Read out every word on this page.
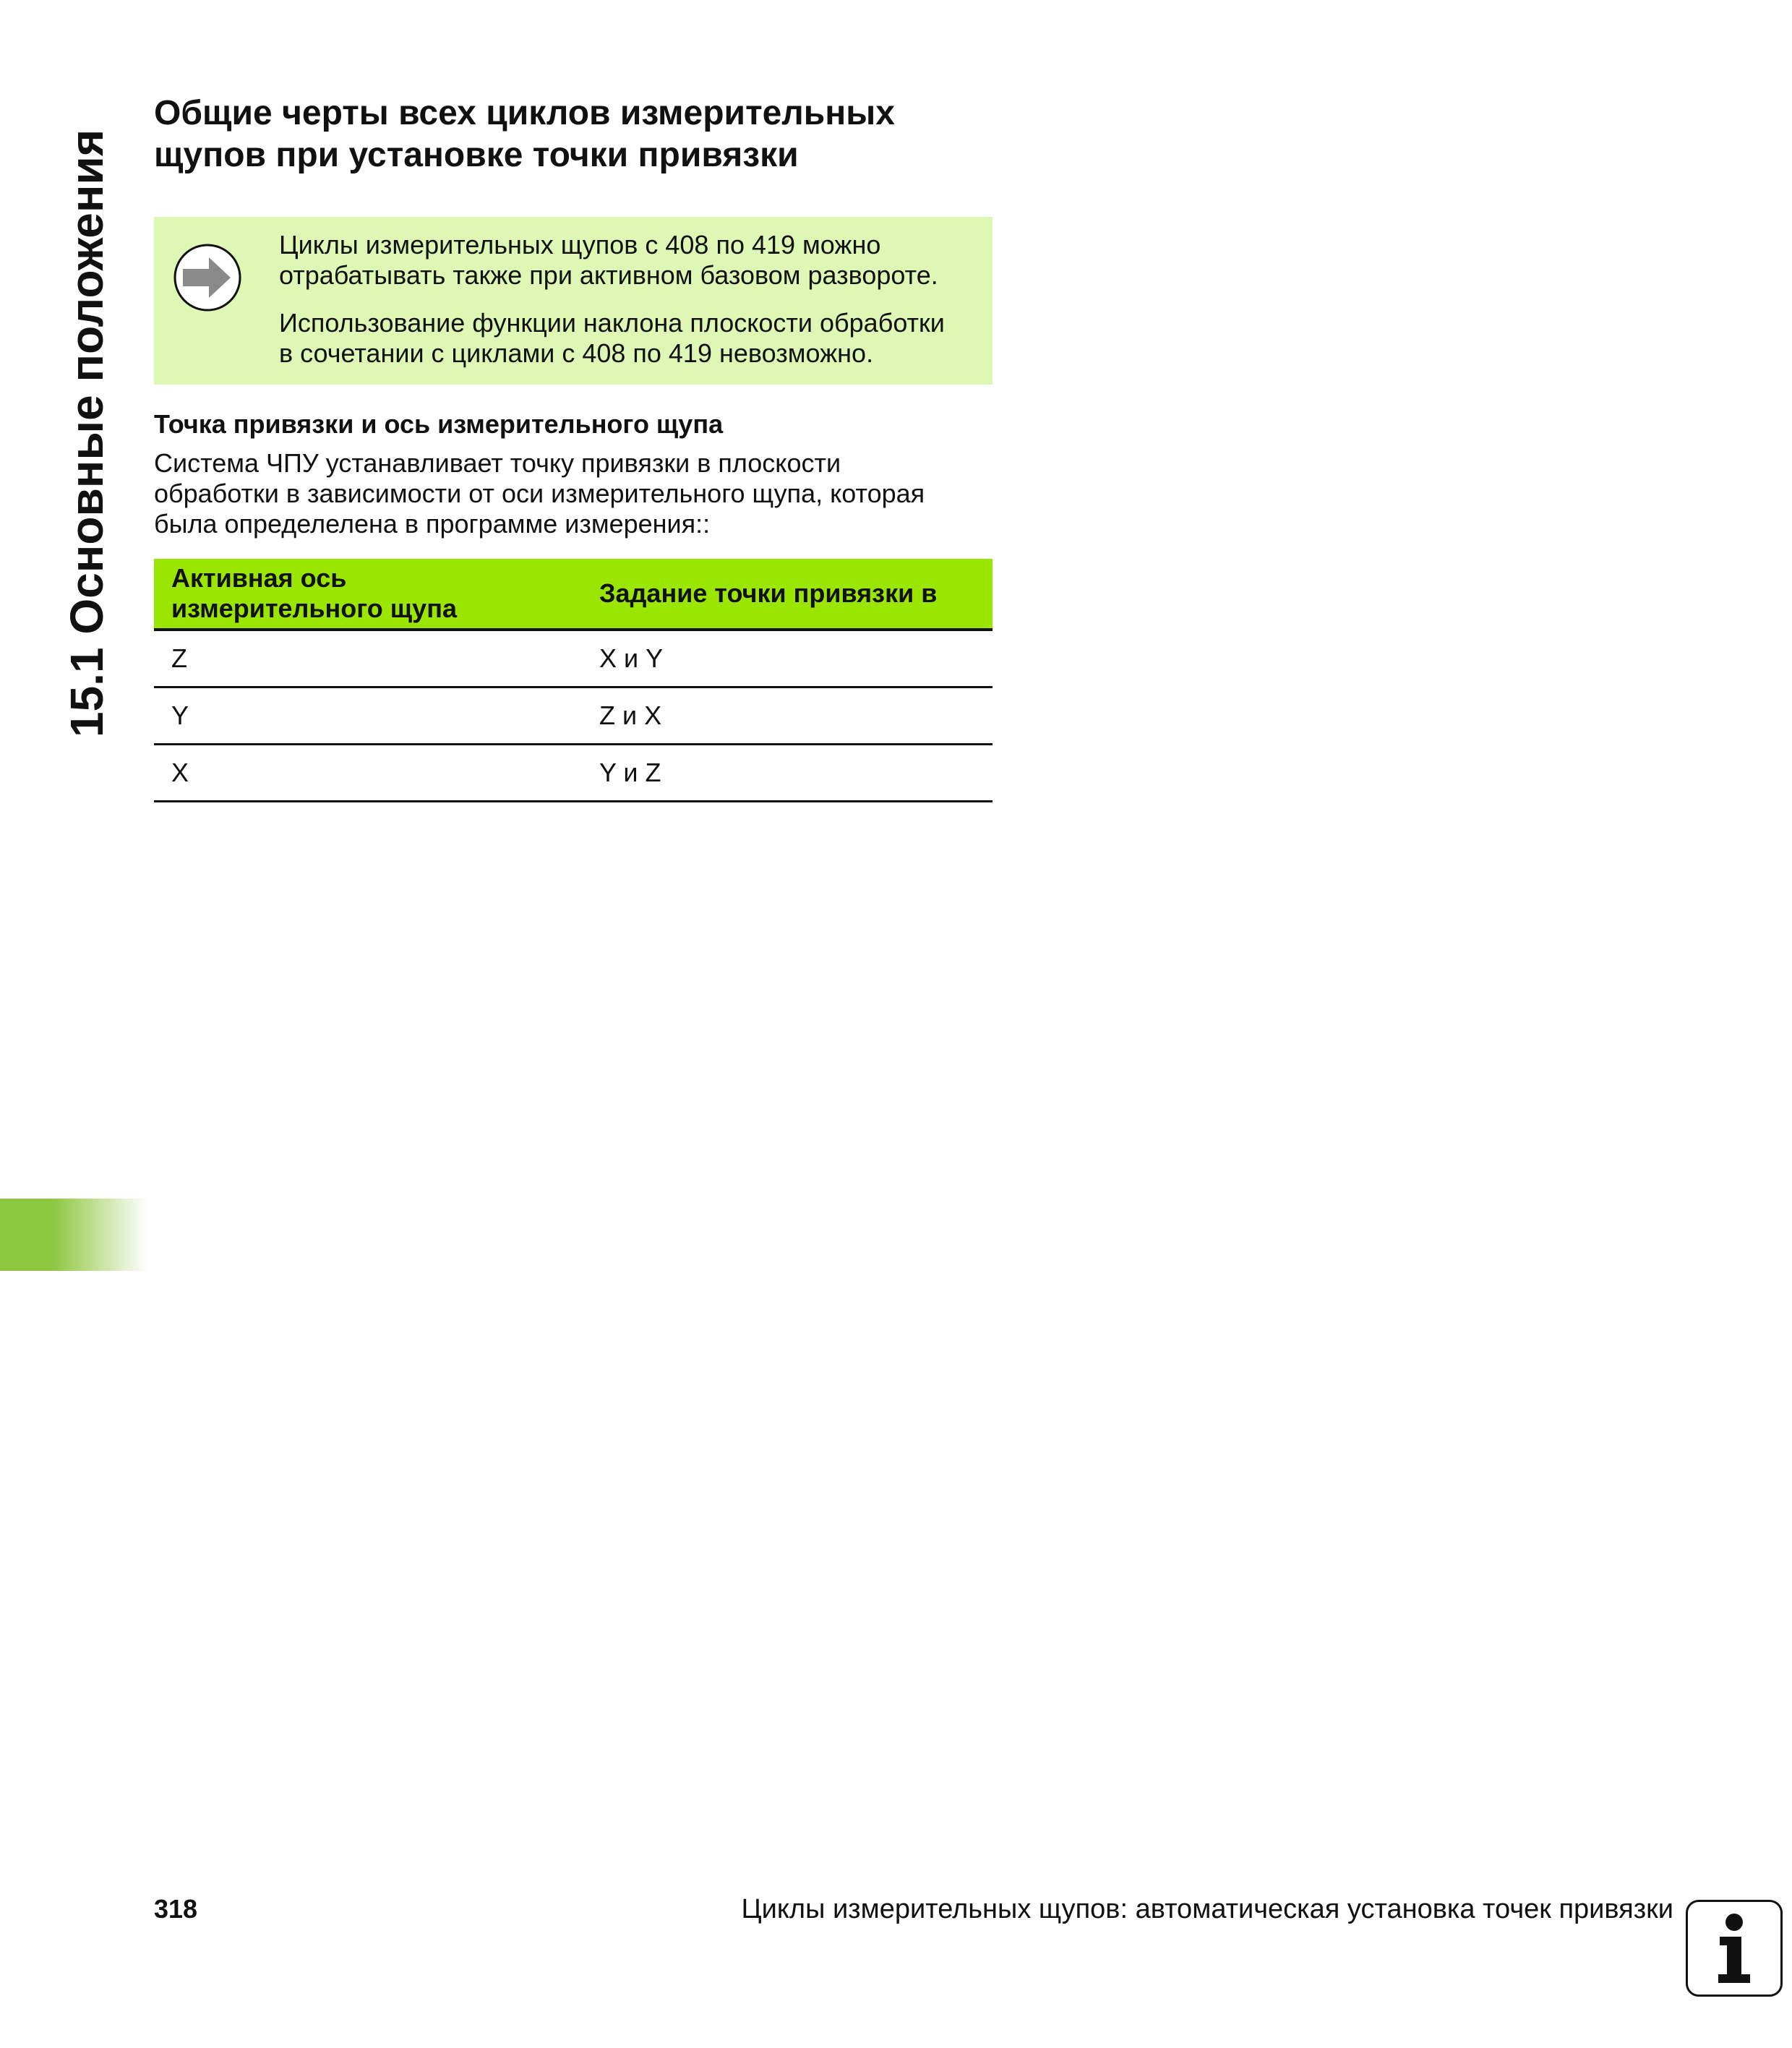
15.1 Основные положения
Общие черты всех циклов измерительных
щупов при установке точки привязки

Циклы измерительных щупов с 408 по 419 можно
отрабатывать также при активном базовом развороте.

Использование функции наклона плоскости обработки
в сочетании с циклами с 408 по 419 невозможно.

Точка привязки и ось измерительного щупа

Система ЧПУ устанавливает точку привязки в плоскости
обработки в зависимости от оси измерительного щупа, которая
была определелена в программе измерения::

Активная ось
измерительного щупа	Задание точки привязки в
Z	X и Y
Y	Z и X
X	Y и Z
318	Циклы измерительных щупов: автоматическая установка точек привязки
